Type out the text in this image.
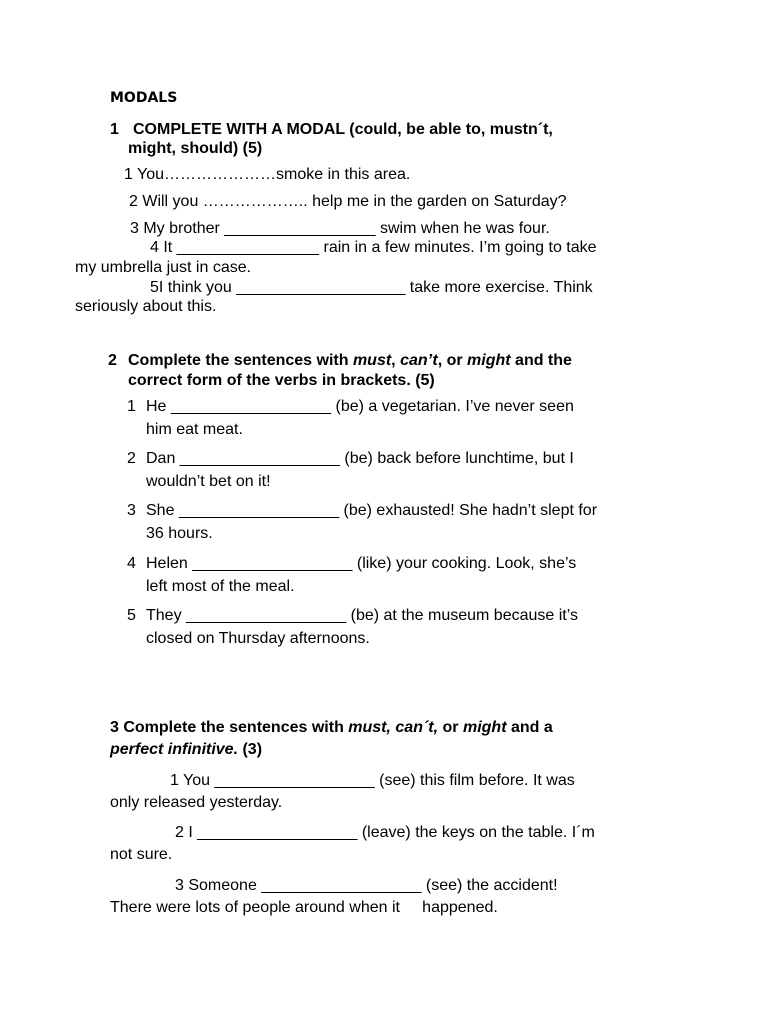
MODALS
1 COMPLETE WITH A MODAL (could, be able to, mustn´t,
might, should) (5)
1 You…………………smoke in this area.
2 Will you ……………….. help me in the garden on Saturday?
3 My brother _________________ swim when he was four.
4 It ________________ rain in a few minutes. I’m going to take
my umbrella just in case.
5I think you ___________________ take more exercise. Think
seriously about this.
2 Complete the sentences with must, can’t, or might and the
correct form of the verbs in brackets. (5)
1 He __________________ (be) a vegetarian. I’ve never seen
him eat meat.
2 Dan __________________ (be) back before lunchtime, but I
wouldn’t bet on it!
3 She __________________ (be) exhausted! She hadn’t slept for
36 hours.
4 Helen __________________ (like) your cooking. Look, she’s
left most of the meal.
5 They __________________ (be) at the museum because it’s
closed on Thursday afternoons.
3 Complete the sentences with must, can´t, or might and a
perfect infinitive. (3)
1 You __________________ (see) this film before. It was
only released yesterday.
2 I __________________ (leave) the keys on the table. I´m
not sure.
3 Someone __________________ (see) the accident!
There were lots of people around when it     happened.
